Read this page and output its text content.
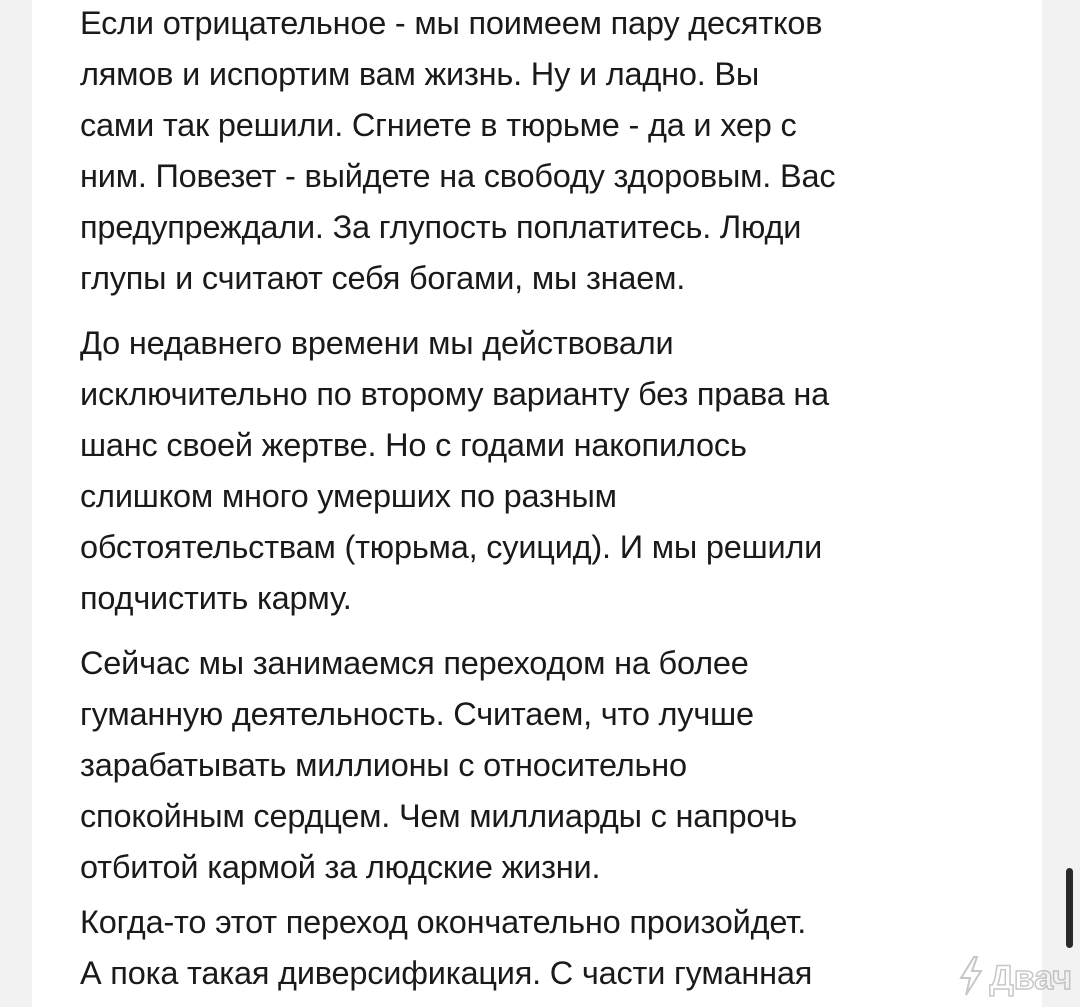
Если отрицательное - мы поимеем пару десятков
лямов и испортим вам жизнь. Ну и ладно. Вы
сами так решили. Сгниете в тюрьме - да и хер с
ним. Повезет - выйдете на свободу здоровым. Вас
предупреждали. За глупость поплатитесь. Люди
глупы и считают себя богами, мы знаем.
До недавнего времени мы действовали
исключительно по второму варианту без права на
шанс своей жертве. Но с годами накопилось
слишком много умерших по разным
обстоятельствам (тюрьма, суицид). И мы решили
подчистить карму.
Сейчас мы занимаемся переходом на более
гуманную деятельность. Считаем, что лучше
зарабатывать миллионы с относительно
спокойным сердцем. Чем миллиарды с напрочь
отбитой кармой за людские жизни.
Когда-то этот переход окончательно произойдет.
А пока такая диверсификация. С части гуманная	Двач
